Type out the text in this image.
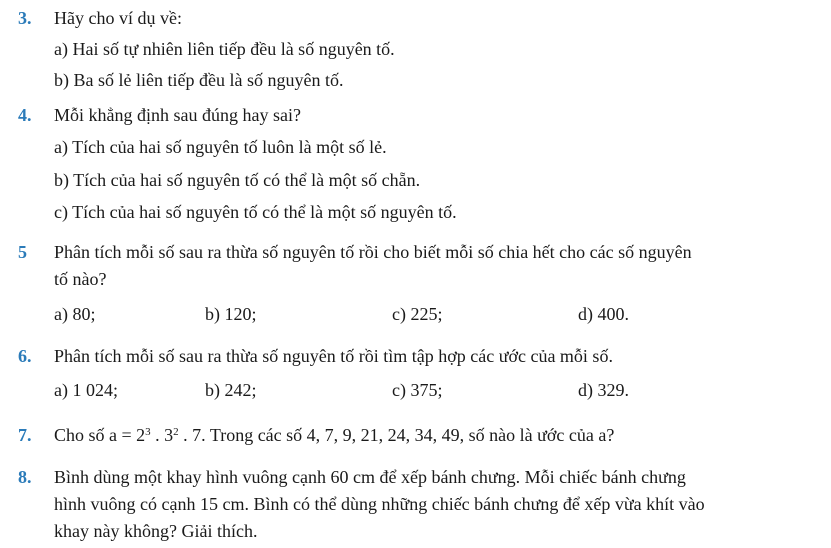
3. Hãy cho ví dụ về:
a) Hai số tự nhiên liên tiếp đều là số nguyên tố.
b) Ba số lẻ liên tiếp đều là số nguyên tố.
4. Mỗi khẳng định sau đúng hay sai?
a) Tích của hai số nguyên tố luôn là một số lẻ.
b) Tích của hai số nguyên tố có thể là một số chẵn.
c) Tích của hai số nguyên tố có thể là một số nguyên tố.
5 Phân tích mỗi số sau ra thừa số nguyên tố rồi cho biết mỗi số chia hết cho các số nguyên
tố nào?
a) 80;	b) 120;	c) 225;	d) 400.
6. Phân tích mỗi số sau ra thừa số nguyên tố rồi tìm tập hợp các ước của mỗi số.
a) 1 024;	b) 242;	c) 375;	d) 329.
7. Cho số $a = 2^3$ . $3^2$ . 7. Trong các số 4, 7, 9, 21, 24, 34, 49, số nào là ước của a?
8. Bình dùng một khay hình vuông cạnh 60 cm để xếp bánh chưng. Mỗi chiếc bánh chưng
hình vuông có cạnh 15 cm. Bình có thể dùng những chiếc bánh chưng để xếp vừa khít vào
khay này không? Giải thích.
